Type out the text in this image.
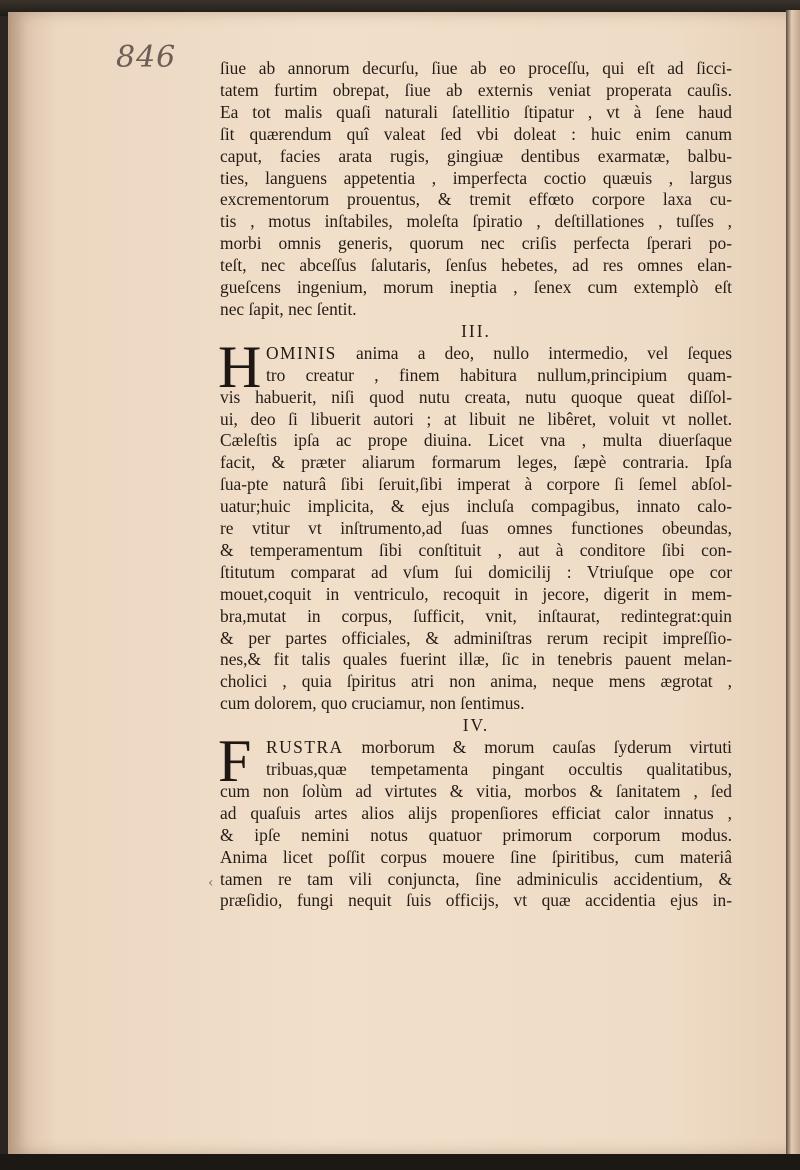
846
‹
ſiue ab annorum decurſu, ſiue ab eo proceſſu, qui eſt ad ſicci-
tatem furtim obrepat, ſiue ab externis veniat properata cauſis.
Ea tot malis quaſi naturali ſatellitio ſtipatur , vt à ſene haud
ſit quærendum quî valeat ſed vbi doleat : huic enim canum
caput, facies arata rugis, gingiuæ dentibus exarmatæ, balbu-
ties, languens appetentia , imperfecta coctio quæuis , largus
excrementorum prouentus, & tremit effœto corpore laxa cu-
tis , motus inſtabiles, moleſta ſpiratio , deſtillationes , tuſſes ,
morbi omnis generis, quorum nec criſis perfecta ſperari po-
teſt, nec abceſſus ſalutaris, ſenſus hebetes, ad res omnes elan-
gueſcens ingenium, morum ineptia , ſenex cum extemplò eſt
nec ſapit, nec ſentit.
III.
H OMINIS anima a deo, nullo intermedio, vel ſeques
tro creatur , finem habitura nullum,principium quam-
vis habuerit, niſi quod nutu creata, nutu quoque queat diſſol-
ui, deo ſi libuerit autori ; at libuit ne libêret, voluit vt nollet.
Cæleſtis ipſa ac prope diuina. Licet vna , multa diuerſaque
facit, & præter aliarum formarum leges, ſæpè contraria. Ipſa
ſua-pte naturâ ſibi ſeruit,ſibi imperat à corpore ſi ſemel abſol-
uatur;huic implicita, & ejus incluſa compagibus, innato calo-
re vtitur vt inſtrumento,ad ſuas omnes functiones obeundas,
& temperamentum ſibi conſtituit , aut à conditore ſibi con-
ſtitutum comparat ad vſum ſui domicilij : Vtriuſque ope cor
mouet,coquit in ventriculo, recoquit in jecore, digerit in mem-
bra,mutat in corpus, ſufficit, vnit, inſtaurat, redintegrat:quin
& per partes officiales, & adminiſtras rerum recipit impreſſio-
nes,& fit talis quales fuerint illæ, ſic in tenebris pauent melan-
cholici , quia ſpiritus atri non anima, neque mens ægrotat ,
cum dolorem, quo cruciamur, non ſentimus.
IV.
F RUSTRA morborum & morum cauſas ſyderum virtuti
tribuas,quæ tempetamenta pingant occultis qualitatibus,
cum non ſolùm ad virtutes & vitia, morbos & ſanitatem , ſed
ad quaſuis artes alios alijs propenſiores efficiat calor innatus ,
& ipſe nemini notus quatuor primorum corporum modus.
Anima licet poſſit corpus mouere ſine ſpiritibus, cum materiâ
tamen re tam vili conjuncta, ſine adminiculis accidentium, &
præſidio, fungi nequit ſuis officijs, vt quæ accidentia ejus in-
